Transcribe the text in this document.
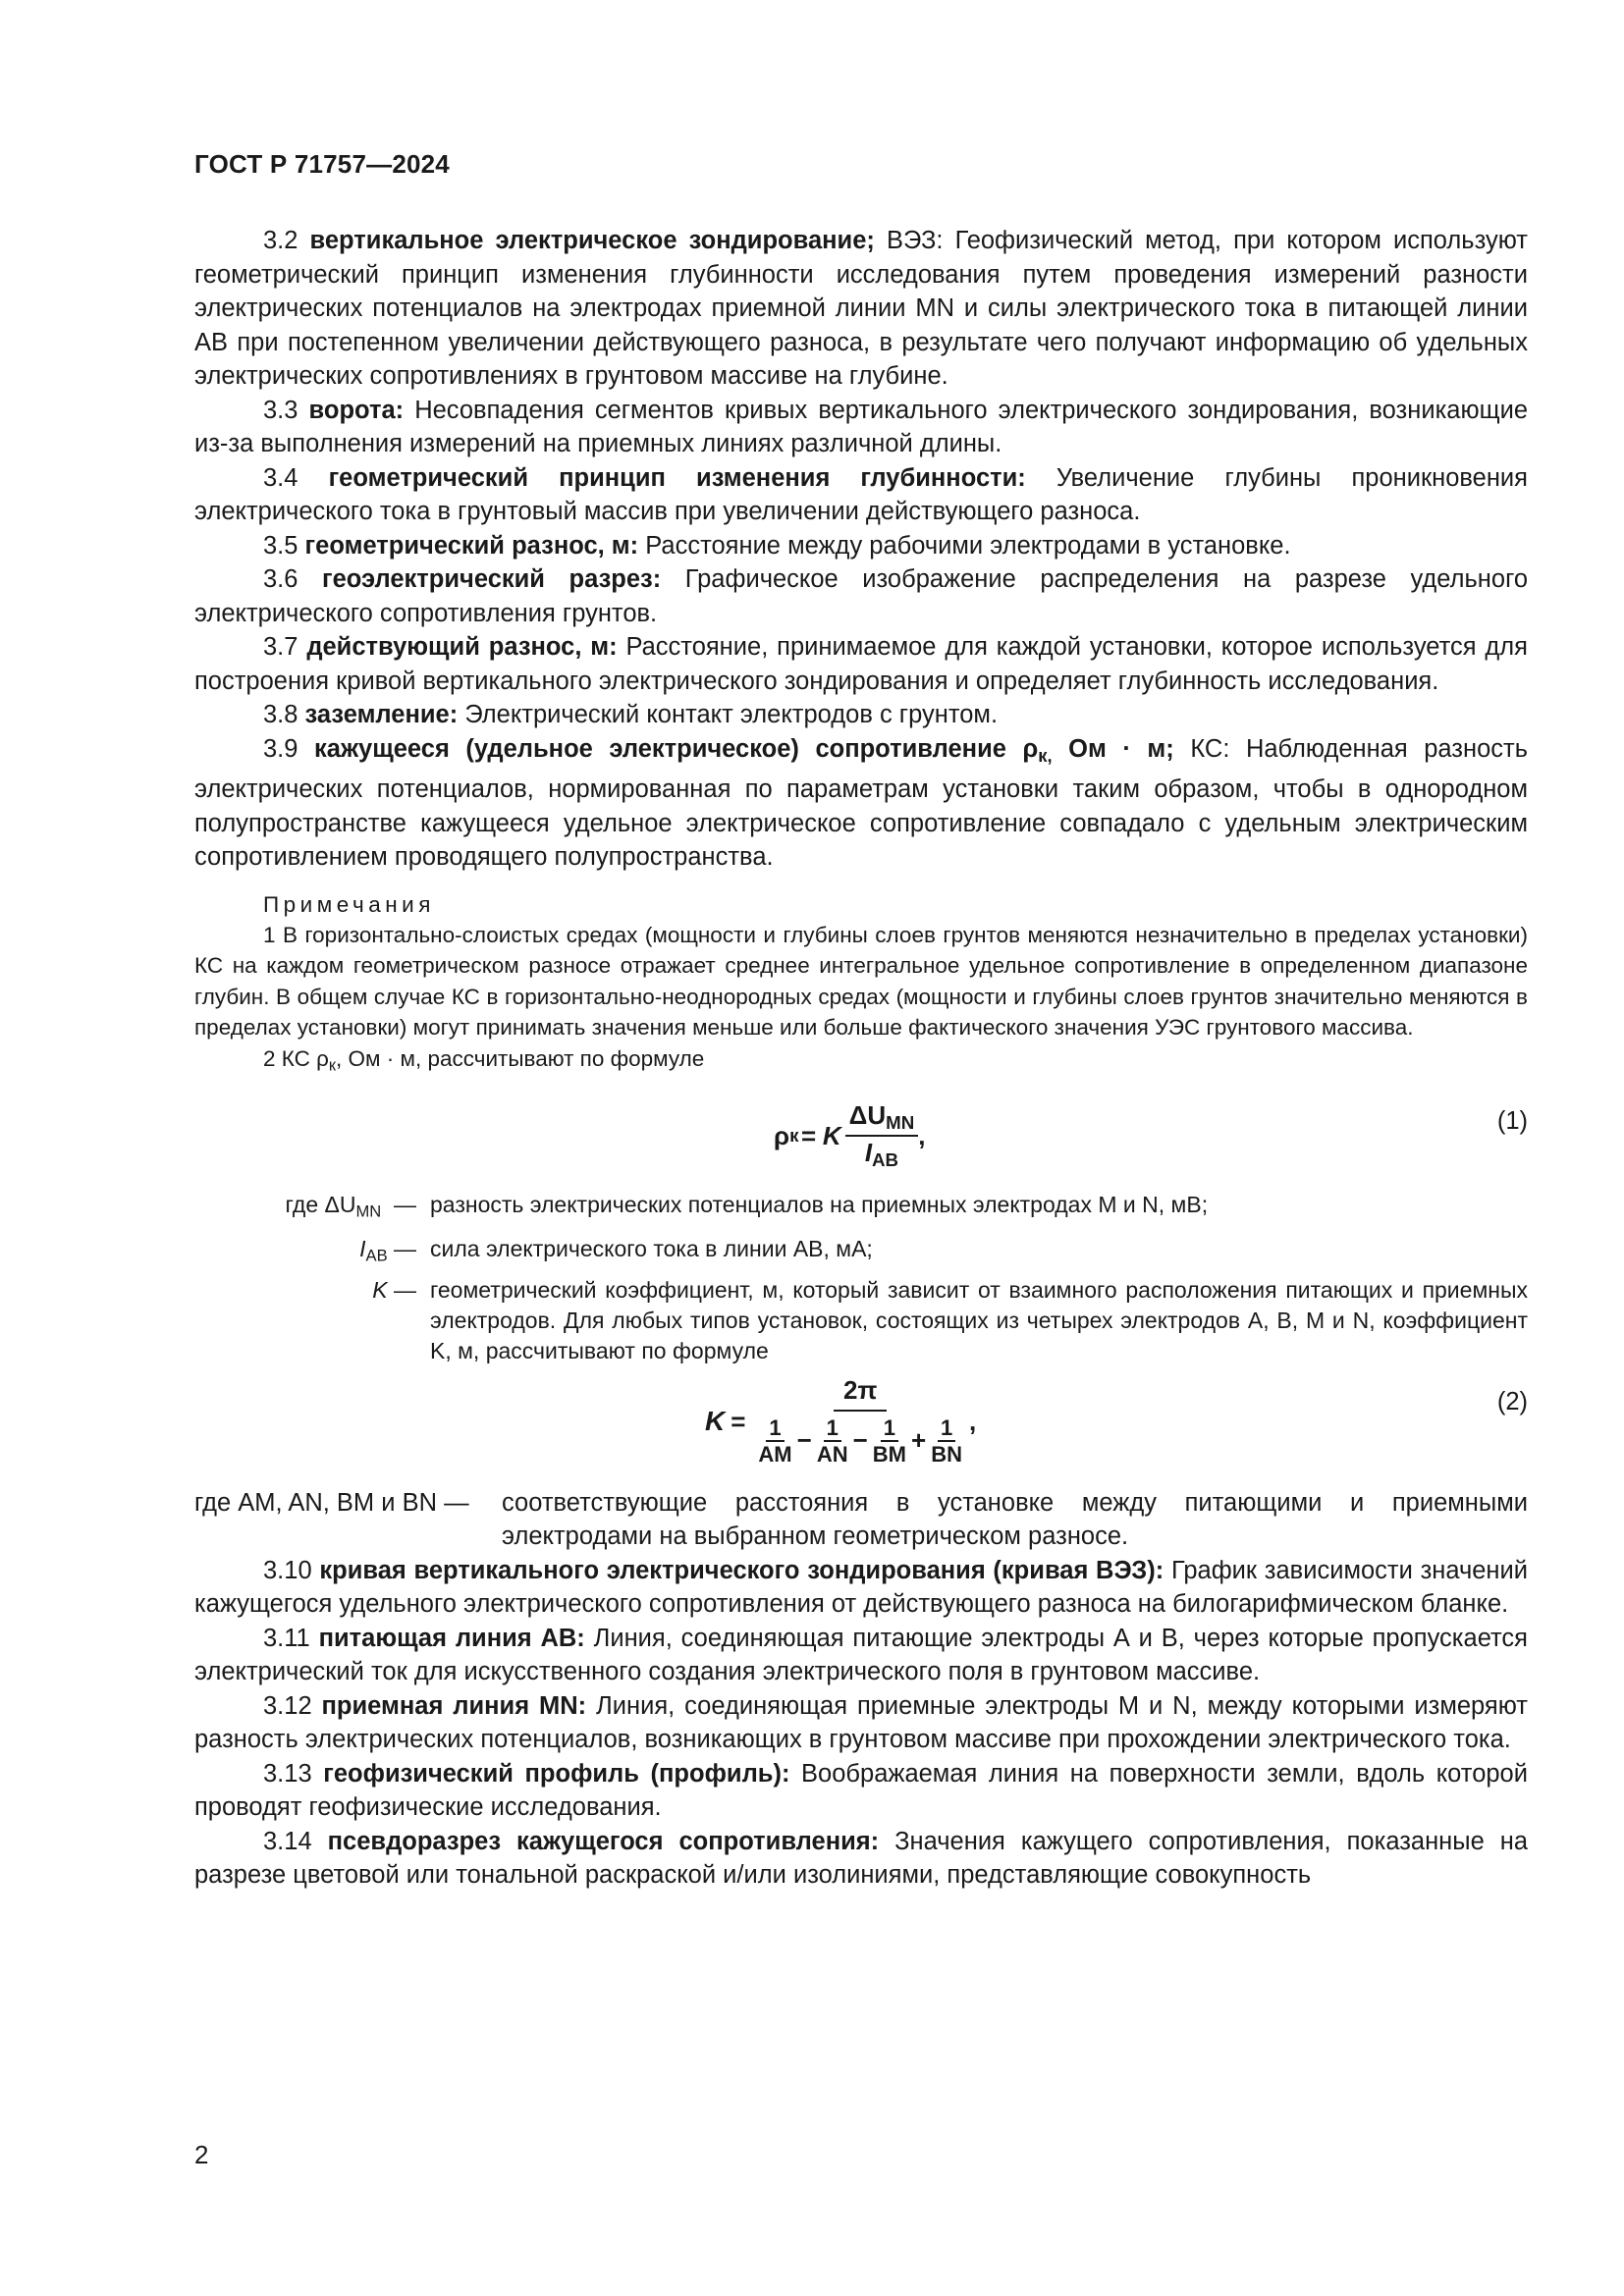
ГОСТ Р 71757—2024

3.2 вертикальное электрическое зондирование; ВЭЗ: Геофизический метод, при котором используют геометрический принцип изменения глубинности исследования путем проведения измерений разности электрических потенциалов на электродах приемной линии MN и силы электрического тока в питающей линии AB при постепенном увеличении действующего разноса, в результате чего получают информацию об удельных электрических сопротивлениях в грунтовом массиве на глубине.

3.3 ворота: Несовпадения сегментов кривых вертикального электрического зондирования, возникающие из-за выполнения измерений на приемных линиях различной длины.

3.4 геометрический принцип изменения глубинности: Увеличение глубины проникновения электрического тока в грунтовый массив при увеличении действующего разноса.

3.5 геометрический разнос, м: Расстояние между рабочими электродами в установке.

3.6 геоэлектрический разрез: Графическое изображение распределения на разрезе удельного электрического сопротивления грунтов.

3.7 действующий разнос, м: Расстояние, принимаемое для каждой установки, которое используется для построения кривой вертикального электрического зондирования и определяет глубинность исследования.

3.8 заземление: Электрический контакт электродов с грунтом.

3.9 кажущееся (удельное электрическое) сопротивление $\rho_{к,}$ Ом · м; КС: Наблюденная разность электрических потенциалов, нормированная по параметрам установки таким образом, чтобы в однородном полупространстве кажущееся удельное электрическое сопротивление совпадало с удельным электрическим сопротивлением проводящего полупространства.

Примечания

1 В горизонтально-слоистых средах (мощности и глубины слоев грунтов меняются незначительно в пределах установки) КС на каждом геометрическом разносе отражает среднее интегральное удельное сопротивление в определенном диапазоне глубин. В общем случае КС в горизонтально-неоднородных средах (мощности и глубины слоев грунтов значительно меняются в пределах установки) могут принимать значения меньше или больше фактического значения УЭС грунтового массива.

2 КС $\rho_к$, Ом · м, рассчитывают по формуле

ρ к = K $\frac{\Delta U_{MN}}{I_{AB}}$ ,
(1)
где $\Delta U_{MN}$ — разность электрических потенциалов на приемных электродах M и N, мВ;
$I_{AB}$ — сила электрического тока в линии AB, мА;
K — геометрический коэффициент, м, который зависит от взаимного расположения питающих и приемных электродов. Для любых типов установок, состоящих из четырех электродов А, В, M и N, коэффициент K, м, рассчитывают по формуле
K =
2π
$\frac{1}{AM} - \frac{1}{AN} - \frac{1}{BM} + \frac{1}{BN}$ ,
(2)
где AM, AN, BM и BN —	соответствующие расстояния в установке между питающими и приемными электродами на выбранном геометрическом разносе.

3.10 кривая вертикального электрического зондирования (кривая ВЭЗ): График зависимости значений кажущегося удельного электрического сопротивления от действующего разноса на билогарифмическом бланке.

3.11 питающая линия AB: Линия, соединяющая питающие электроды А и В, через которые пропускается электрический ток для искусственного создания электрического поля в грунтовом массиве.

3.12 приемная линия MN: Линия, соединяющая приемные электроды M и N, между которыми измеряют разность электрических потенциалов, возникающих в грунтовом массиве при прохождении электрического тока.

3.13 геофизический профиль (профиль): Воображаемая линия на поверхности земли, вдоль которой проводят геофизические исследования.

3.14 псевдоразрез кажущегося сопротивления: Значения кажущего сопротивления, показанные на разрезе цветовой или тональной раскраской и/или изолиниями, представляющие совокупность

2
